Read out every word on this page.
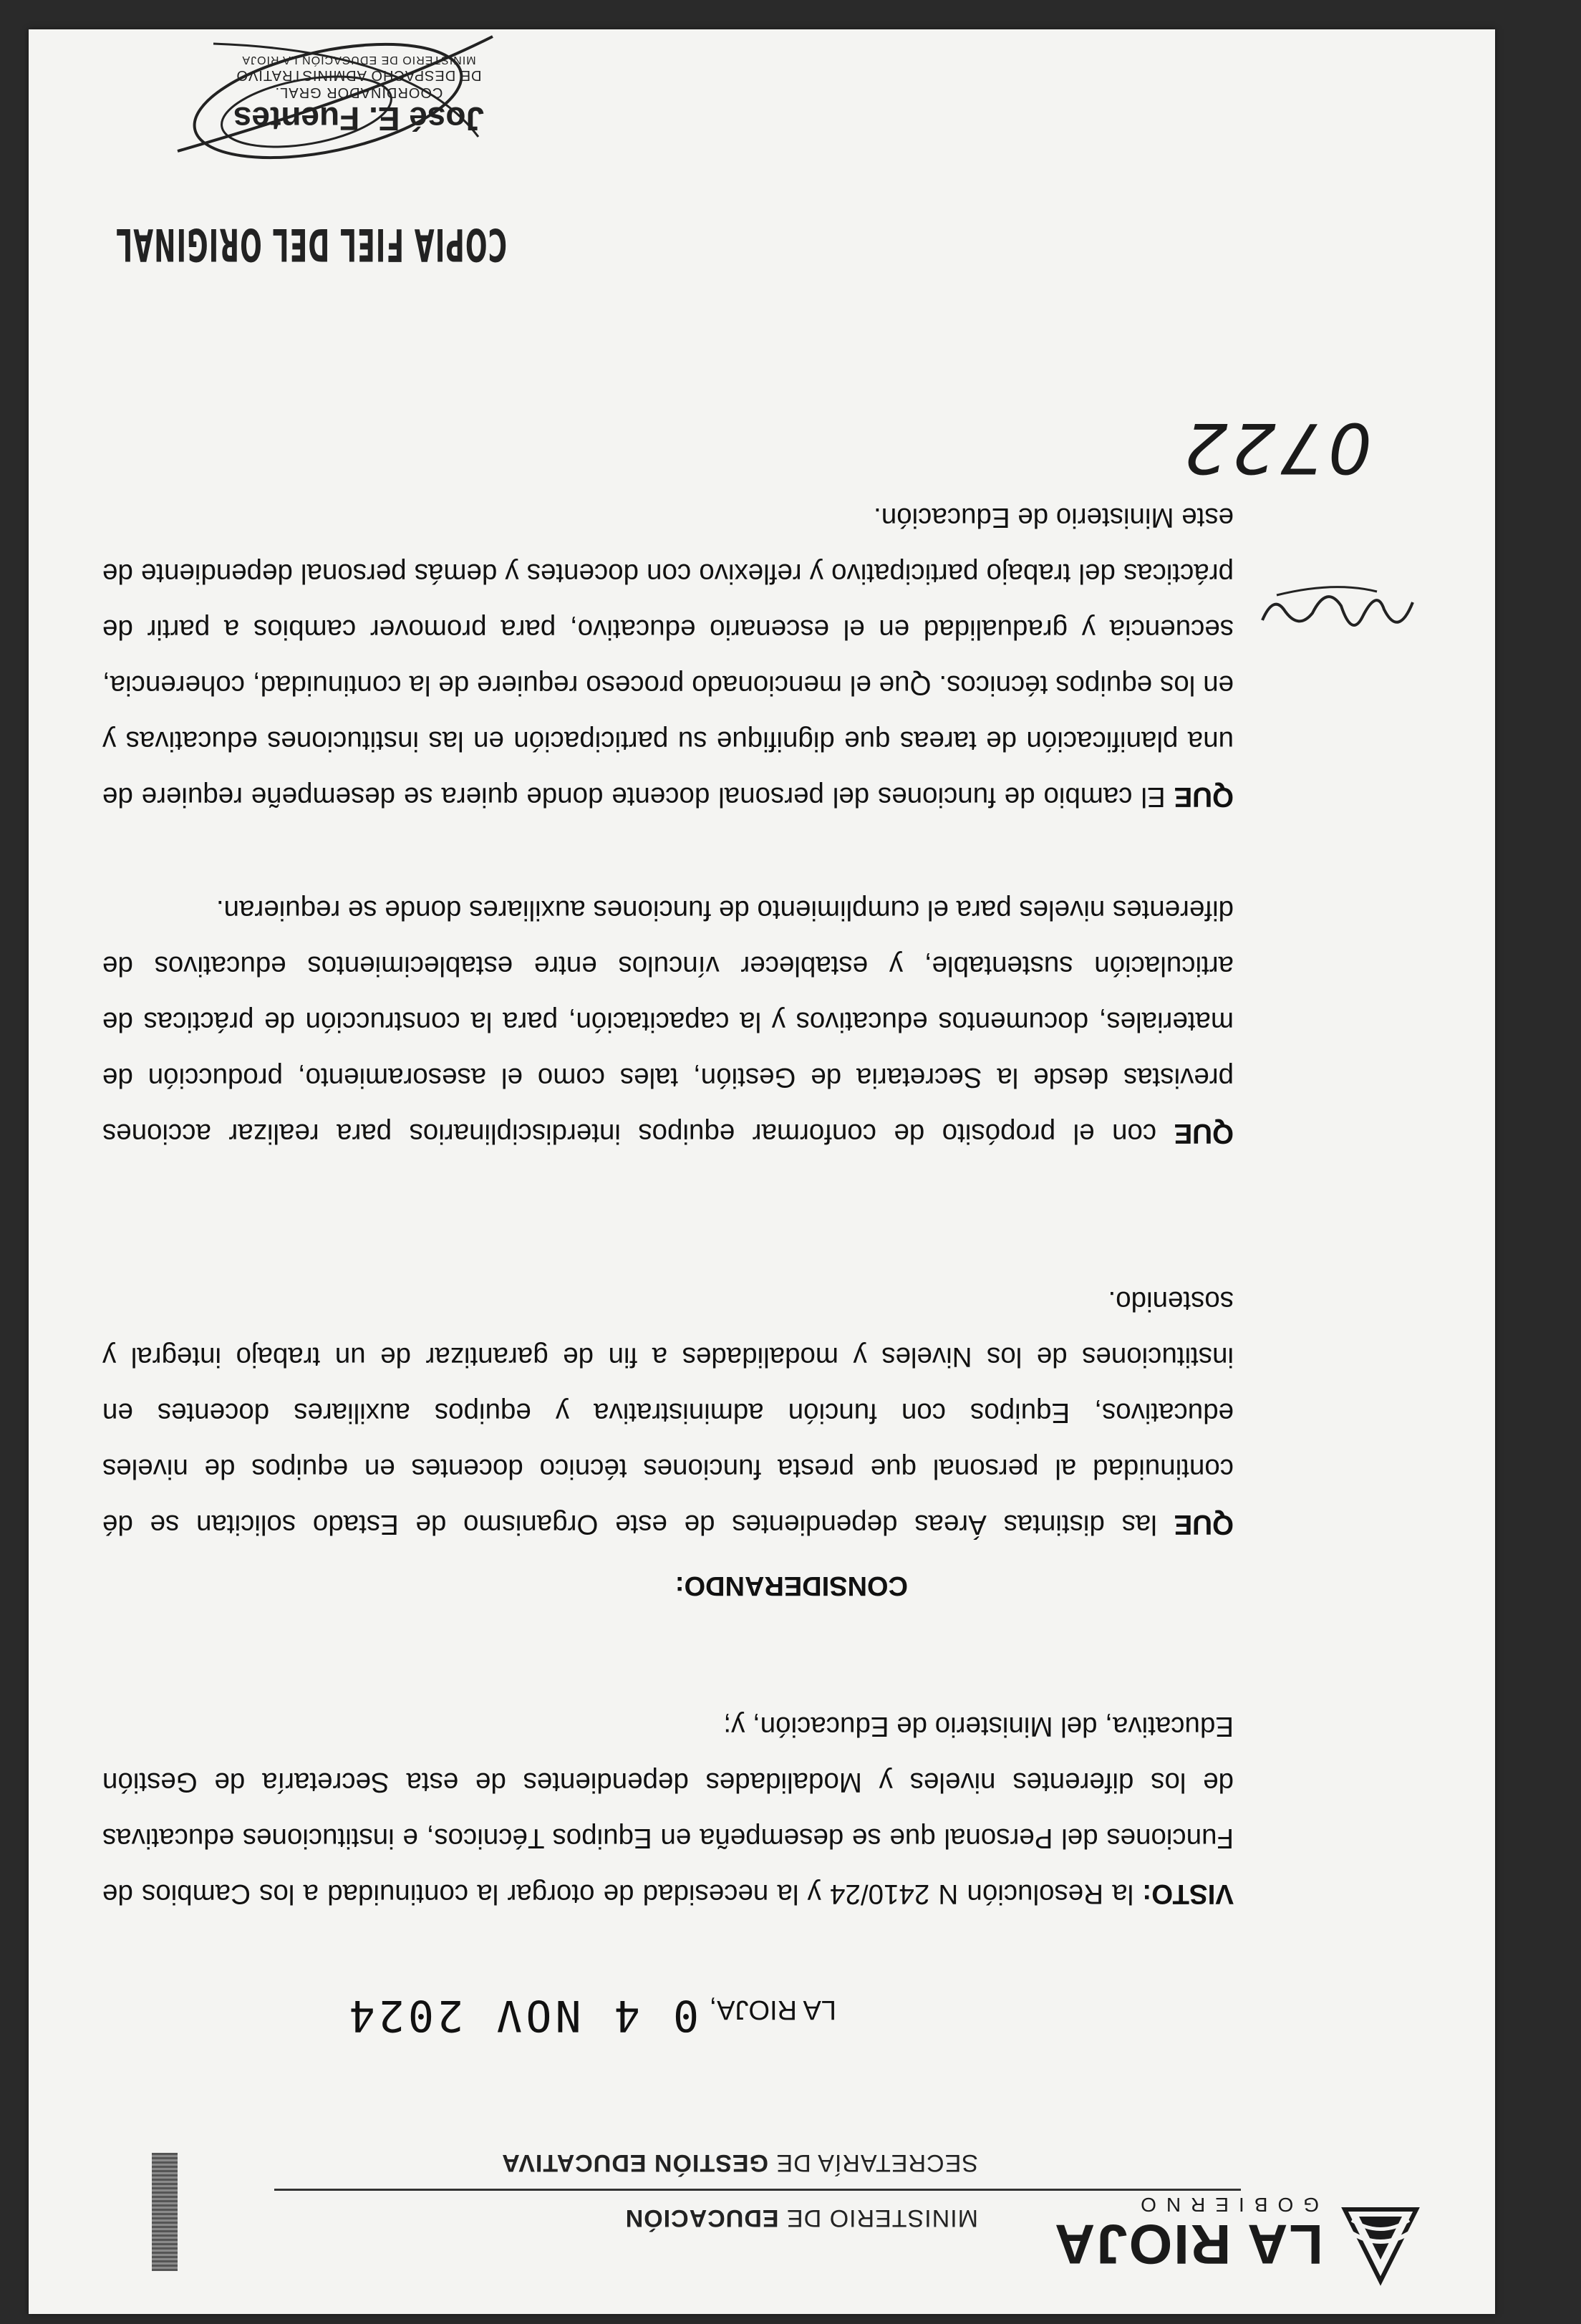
LA RIOJA
GOBIERNO
MINISTERIO DE EDUCACIÓN
SECRETARÍA DE GESTIÓN EDUCATIVA
LA RIOJA, 0 4 NOV 2024
VISTO: la Resolución N 2410/24 y la necesidad de otorgar la continuidad a los Cambios de Funciones del Personal que se desempeña en Equipos Técnicos, e instituciones educativas de los diferentes niveles y Modalidades dependientes de esta Secretaría de Gestión Educativa, del Ministerio de Educación, y;
CONSIDERANDO:
QUE las distintas Áreas dependientes de este Organismo de Estado solicitan se dé continuidad al personal que presta funciones técnico docentes en equipos de niveles educativos, Equipos con función administrativa y equipos auxiliares docentes en instituciones de los Niveles y modalidades a fin de garantizar de un trabajo integral y sostenido.
QUE con el propósito de conformar equipos interdisciplinarios para realizar acciones previstas desde la Secretaria de Gestión, tales como el asesoramiento, producción de materiales, documentos educativos y la capacitación, para la construcción de prácticas de articulación sustentable, y establecer vínculos entre establecimientos educativos de diferentes niveles para el cumplimiento de funciones auxiliares donde se requieran.
QUE El cambio de funciones del personal docente donde quiera se desempeñe requiere de una planificación de tareas que dignifique su participación en las instituciones educativas y en los equipos técnicos. Que el mencionado proceso requiere de la continuidad, coherencia, secuencia y gradualidad en el escenario educativo, para promover cambios a partir de prácticas del trabajo participativo y reflexivo con docentes y demás personal dependiente de este Ministerio de Educación.
0722
COPIA FIEL DEL ORIGINAL
José E. Fuentes
COORDINADOR GRAL.
DE DESPACHO ADMINISTRATIVO
MINISTERIO DE EDUCACIÓN LA RIOJA
